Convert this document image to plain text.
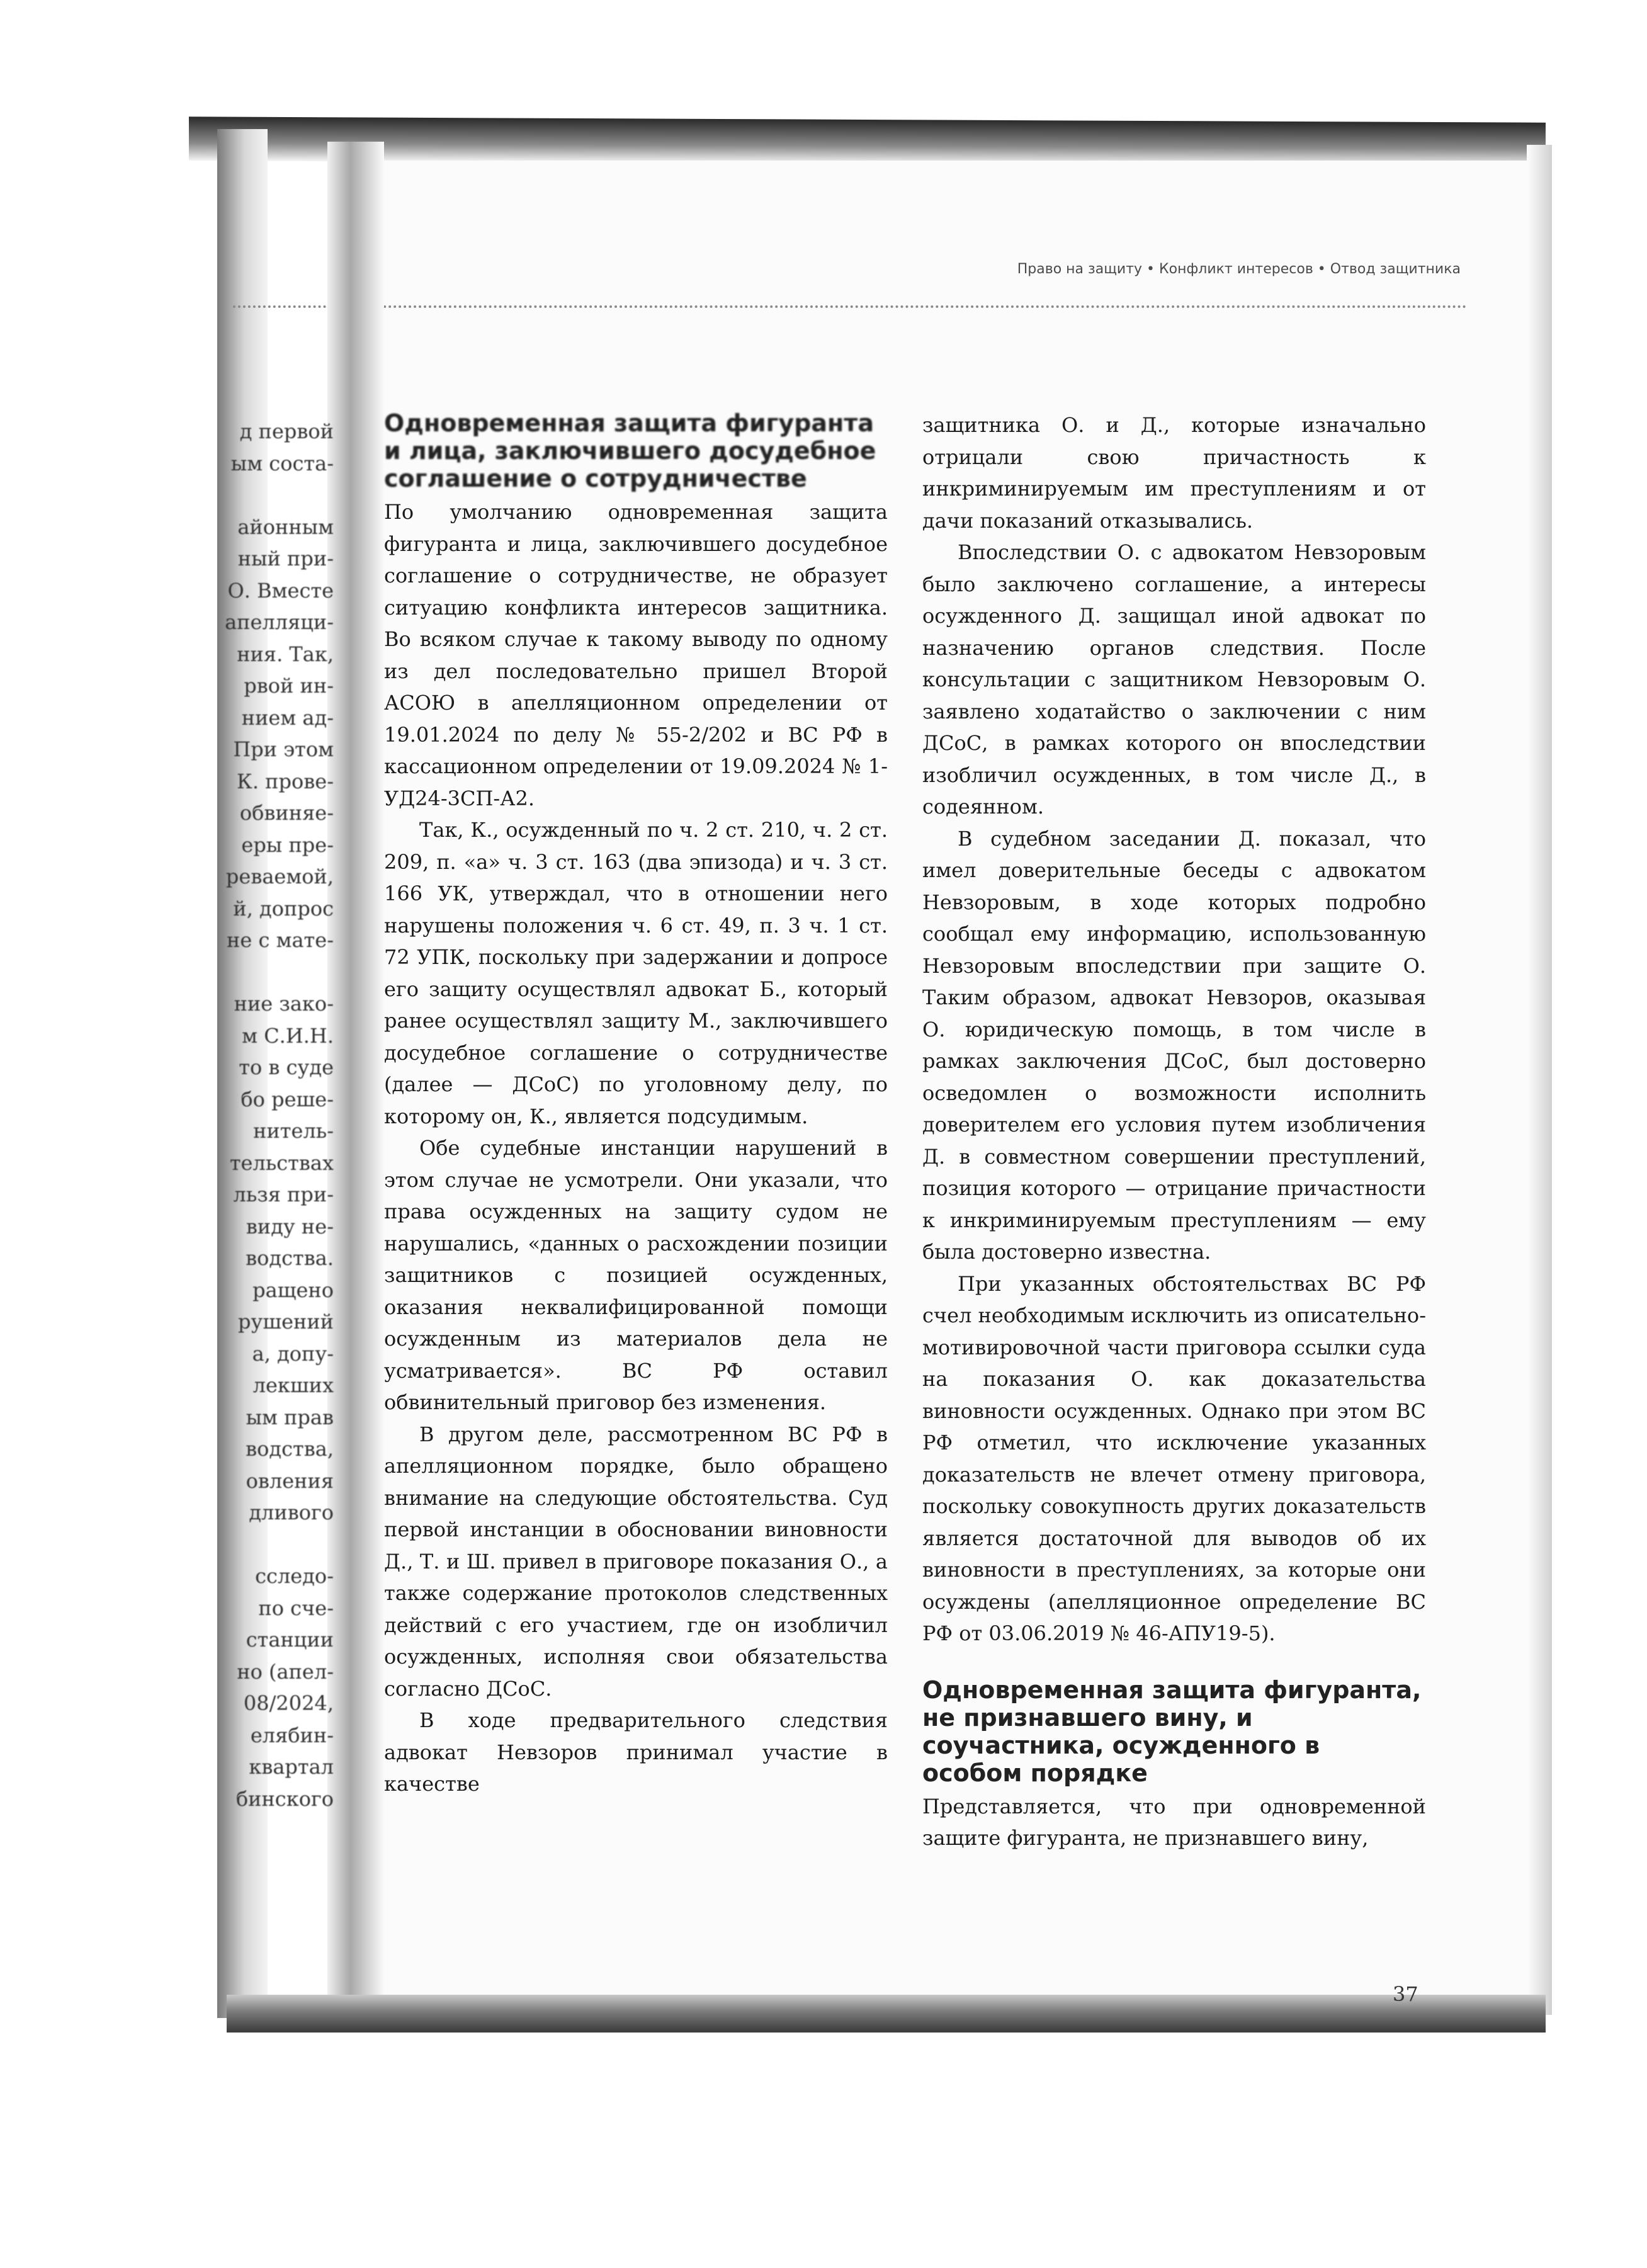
Право на защиту • Конфликт интересов • Отвод защитника
д первой
ым соста-

айонным
ный при-
О. Вместе
апелляци-
ния. Так,
рвой ин-
нием ад-
При этом
К. прове-
обвиняе-
еры пре-
реваемой,
й, допрос
не с мате-

ние зако-
м С.И.Н.
то в суде
бо реше-
нитель-
тельствах
льзя при-
виду не-
водства.
ращено
рушений
а, допу-
лекших
ым прав
водства,
овления
дливого

сследо-
по сче-
станции
но (апел-
08/2024,
елябин-
квартал
бинского
Одновременная защита фигуранта и лица, заключившего досудебное соглашение о сотрудничестве

По умолчанию одновременная защита фигуранта и лица, заключившего досудебное соглашение о сотрудничестве, не образует ситуацию конфликта интересов защитника. Во всяком случае к такому выводу по одному из дел последовательно пришел Второй АСОЮ в апелляционном определении от 19.01.2024 по делу № 55-2/202 и ВС РФ в кассационном определении от 19.09.2024 № 1-УД24-3СП-А2.

Так, К., осужденный по ч. 2 ст. 210, ч. 2 ст. 209, п. «а» ч. 3 ст. 163 (два эпизода) и ч. 3 ст. 166 УК, утверждал, что в отношении него нарушены положения ч. 6 ст. 49, п. 3 ч. 1 ст. 72 УПК, поскольку при задержании и допросе его защиту осуществлял адвокат Б., который ранее осуществлял защиту М., заключившего досудебное соглашение о сотрудничестве (далее — ДСоС) по уголовному делу, по которому он, К., является подсудимым.

Обе судебные инстанции нарушений в этом случае не усмотрели. Они указали, что права осужденных на защиту судом не нарушались, «данных о расхождении позиции защитников с позицией осужденных, оказания неквалифицированной помощи осужденным из материалов дела не усматривается». ВС РФ оставил обвинительный приговор без изменения.

В другом деле, рассмотренном ВС РФ в апелляционном порядке, было обращено внимание на следующие обстоятельства. Суд первой инстанции в обосновании виновности Д., Т. и Ш. привел в приговоре показания О., а также содержание протоколов следственных действий с его участием, где он изобличил осужденных, исполняя свои обязательства согласно ДСоС.

В ходе предварительного следствия адвокат Невзоров принимал участие в качестве

защитника О. и Д., которые изначально отрицали свою причастность к инкриминируемым им преступлениям и от дачи показаний отказывались.

Впоследствии О. с адвокатом Невзоровым было заключено соглашение, а интересы осужденного Д. защищал иной адвокат по назначению органов следствия. После консультации с защитником Невзоровым О. заявлено ходатайство о заключении с ним ДСоС, в рамках которого он впоследствии изобличил осужденных, в том числе Д., в содеянном.

В судебном заседании Д. показал, что имел доверительные беседы с адвокатом Невзоровым, в ходе которых подробно сообщал ему информацию, использованную Невзоровым впоследствии при защите О. Таким образом, адвокат Невзоров, оказывая О. юридическую помощь, в том числе в рамках заключения ДСоС, был достоверно осведомлен о возможности исполнить доверителем его условия путем изобличения Д. в совместном совершении преступлений, позиция которого — отрицание причастности к инкриминируемым преступлениям — ему была достоверно известна.

При указанных обстоятельствах ВС РФ счел необходимым исключить из описательно-мотивировочной части приговора ссылки суда на показания О. как доказательства виновности осужденных. Однако при этом ВС РФ отметил, что исключение указанных доказательств не влечет отмену приговора, поскольку совокупность других доказательств является достаточной для выводов об их виновности в преступлениях, за которые они осуждены (апелляционное определение ВС РФ от 03.06.2019 № 46-АПУ19-5).

Одновременная защита фигуранта, не признавшего вину, и соучастника, осужденного в особом порядке

Представляется, что при одновременной защите фигуранта, не признавшего вину,

37
